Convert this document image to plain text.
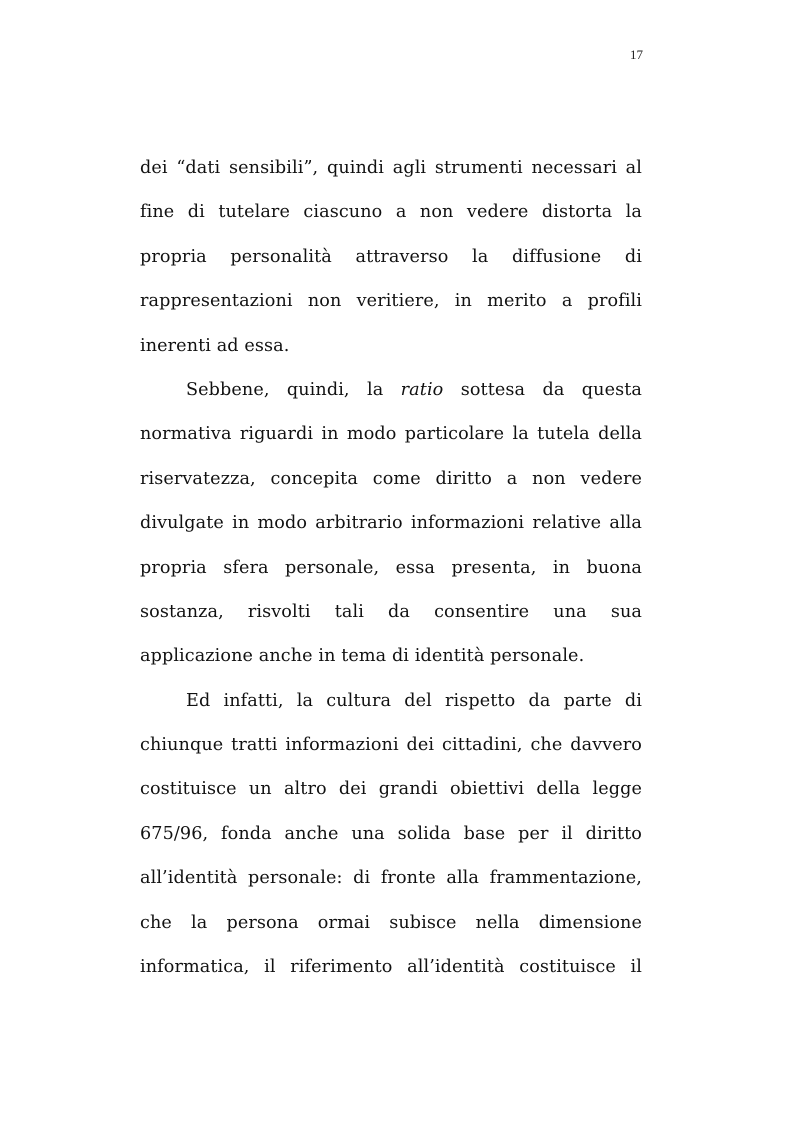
17
dei “dati sensibili”, quindi agli strumenti necessari al
fine di tutelare ciascuno a non vedere distorta la
propria personalità attraverso la diffusione di
rappresentazioni non veritiere, in merito a profili
inerenti ad essa.
Sebbene, quindi, la ratio sottesa da questa
normativa riguardi in modo particolare la tutela della
riservatezza, concepita come diritto a non vedere
divulgate in modo arbitrario informazioni relative alla
propria sfera personale, essa presenta, in buona
sostanza, risvolti tali da consentire una sua
applicazione anche in tema di identità personale.
Ed infatti, la cultura del rispetto da parte di
chiunque tratti informazioni dei cittadini, che davvero
costituisce un altro dei grandi obiettivi della legge
675/96, fonda anche una solida base per il diritto
all’identità personale: di fronte alla frammentazione,
che la persona ormai subisce nella dimensione
informatica, il riferimento all’identità costituisce il
